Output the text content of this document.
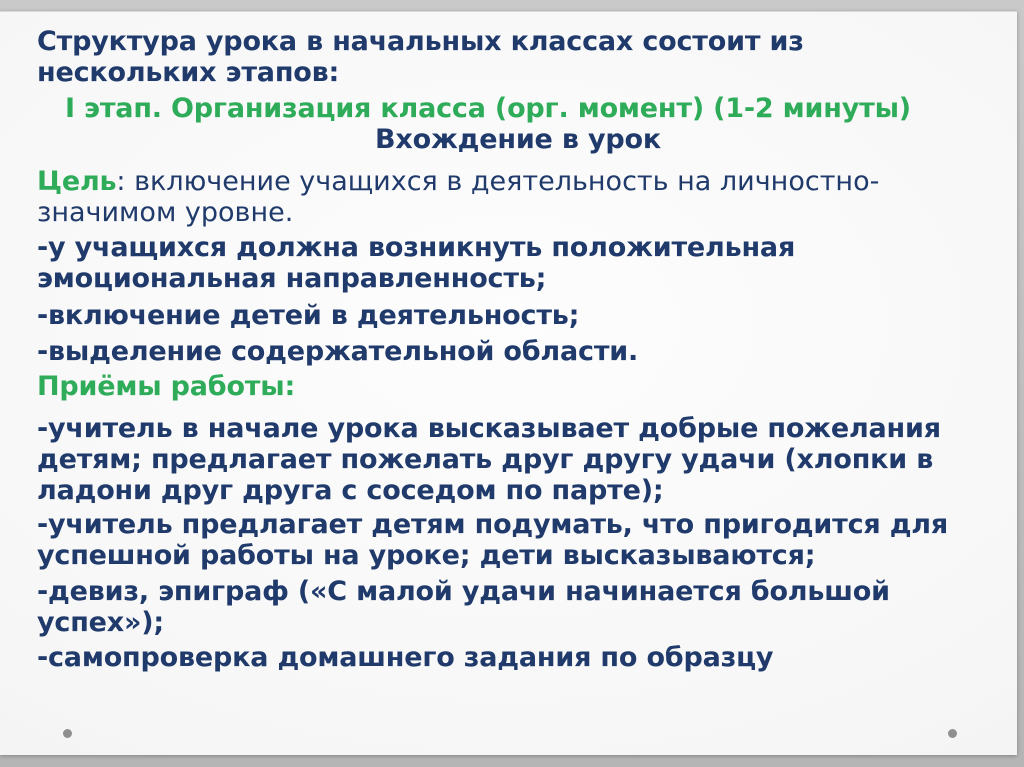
Структура урока в начальных классах состоит из
нескольких этапов:
I этап. Организация класса (орг. момент) (1-2 минуты)
Вхождение в урок
Цель: включение учащихся в деятельность на личностно-
значимом уровне.
-у учащихся должна возникнуть положительная
эмоциональная направленность;
-включение детей в деятельность;
-выделение содержательной области.
Приёмы работы:
-учитель в начале урока высказывает добрые пожелания
детям; предлагает пожелать друг другу удачи (хлопки в
ладони друг друга с соседом по парте);
-учитель предлагает детям подумать, что пригодится для
успешной работы на уроке; дети высказываются;
-девиз, эпиграф («С малой удачи начинается большой
успех»);
-самопроверка домашнего задания по образцу
